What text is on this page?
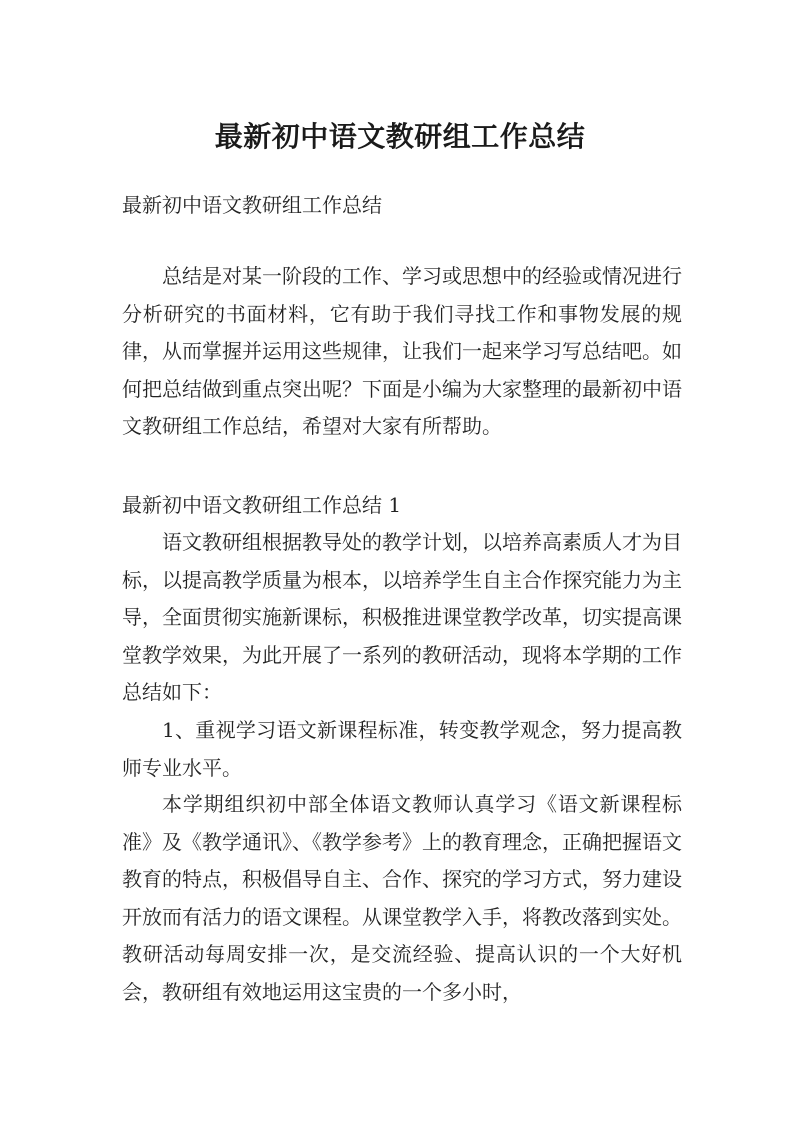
最新初中语文教研组工作总结
最新初中语文教研组工作总结

总结是对某一阶段的工作、学习或思想中的经验或情况进行分析研究的书面材料，它有助于我们寻找工作和事物发展的规律，从而掌握并运用这些规律，让我们一起来学习写总结吧。如何把总结做到重点突出呢？下面是小编为大家整理的最新初中语文教研组工作总结，希望对大家有所帮助。

最新初中语文教研组工作总结 1

语文教研组根据教导处的教学计划，以培养高素质人才为目标，以提高教学质量为根本，以培养学生自主合作探究能力为主导，全面贯彻实施新课标，积极推进课堂教学改革，切实提高课堂教学效果，为此开展了一系列的教研活动，现将本学期的工作总结如下：

1、重视学习语文新课程标准，转变教学观念，努力提高教师专业水平。

本学期组织初中部全体语文教师认真学习《语文新课程标准》及《教学通讯》、《教学参考》上的教育理念，正确把握语文教育的特点，积极倡导自主、合作、探究的学习方式，努力建设开放而有活力的语文课程。从课堂教学入手，将教改落到实处。教研活动每周安排一次，是交流经验、提高认识的一个大好机会，教研组有效地运用这宝贵的一个多小时，
